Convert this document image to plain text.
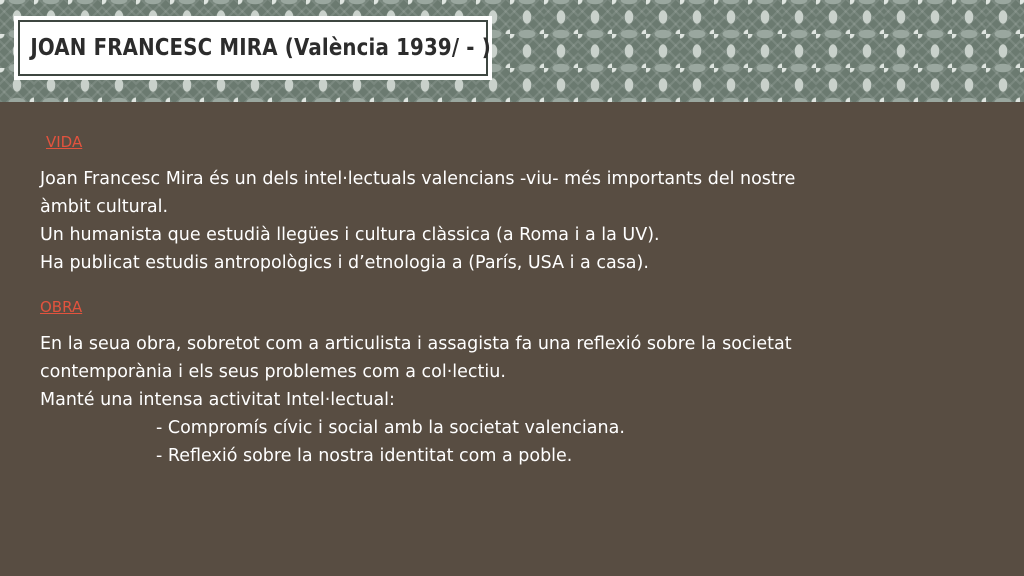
JOAN FRANCESC MIRA (València 1939/ - )
VIDA

Joan Francesc Mira és un dels intel·lectuals valencians -viu- més importants del nostre

àmbit cultural.

Un humanista que estudià llegües i cultura clàssica (a Roma i a la UV).

Ha publicat estudis antropològics i d’etnologia a (París, USA i a casa).

OBRA

En la seua obra, sobretot com a articulista i assagista fa una reflexió sobre la societat

contemporània i els seus problemes com a col·lectiu.

Manté una intensa activitat Intel·lectual:

- Compromís cívic i social amb la societat valenciana.

- Reflexió sobre la nostra identitat com a poble.
